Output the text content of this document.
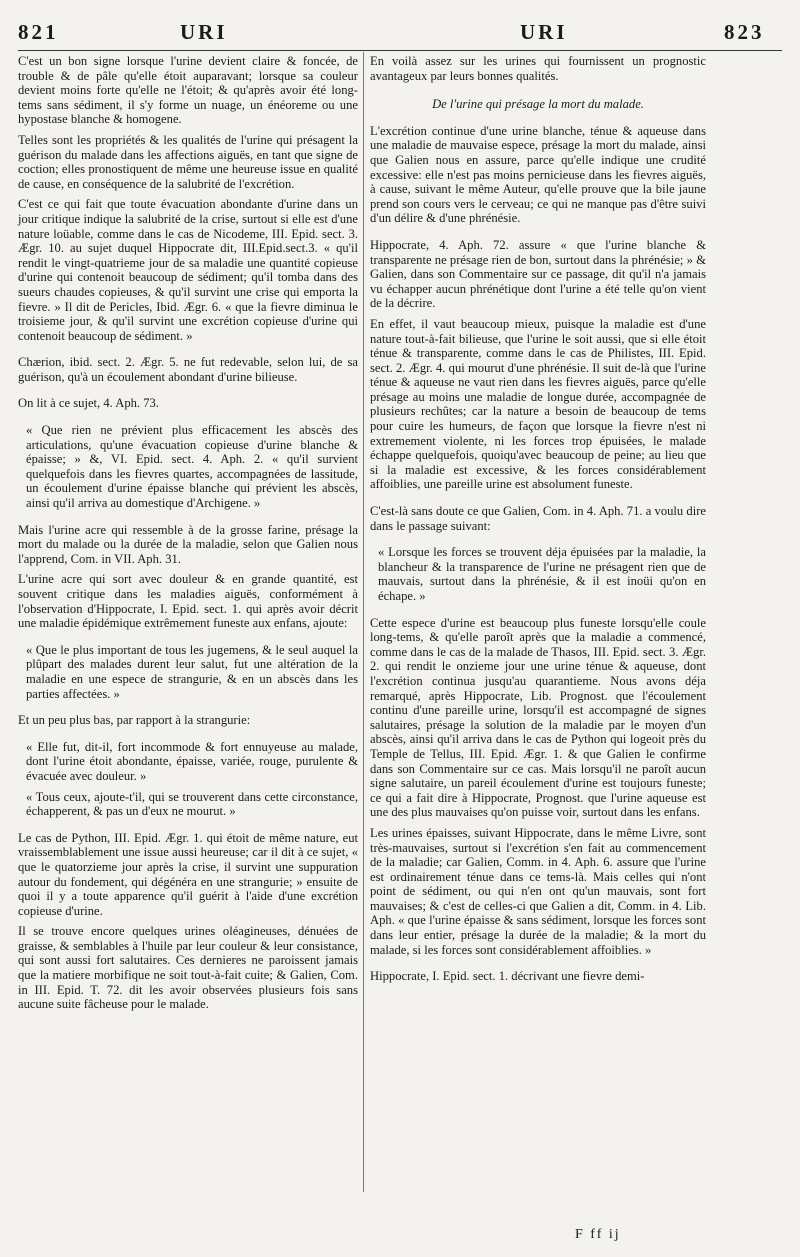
821	URI	URI	823

C'est un bon signe lorsque l'urine devient claire & foncée, de trouble & de pâle qu'elle étoit auparavant; lorsque sa couleur devient moins forte qu'elle ne l'étoit; & qu'après avoir été long-tems sans sédiment, il s'y forme un nuage, un énéoreme ou une hypostase blanche & homogene.

Telles sont les propriétés & les qualités de l'urine qui présagent la guérison du malade dans les affections aiguës, en tant que signe de coction; elles pronostiquent de même une heureuse issue en qualité de cause, en conséquence de la salubrité de l'excrétion.

C'est ce qui fait que toute évacuation abondante d'urine dans un jour critique indique la salubrité de la crise, surtout si elle est d'une nature loüable, comme dans le cas de Nicodeme, III. Epid. sect. 3. Ægr. 10. au sujet duquel Hippocrate dit, III.Epid.sect.3. « qu'il rendit le vingt-quatrieme jour de sa maladie une quantité copieuse d'urine qui contenoit beaucoup de sédiment; qu'il tomba dans des sueurs chaudes copieuses, & qu'il survint une crise qui emporta la fievre. » Il dit de Pericles, Ibid. Ægr. 6. « que la fievre diminua le troisieme jour, & qu'il survint une excrétion copieuse d'urine qui contenoit beaucoup de sédiment. »

Chærion, ibid. sect. 2. Ægr. 5. ne fut redevable, selon lui, de sa guérison, qu'à un écoulement abondant d'urine bilieuse.

On lit à ce sujet, 4. Aph. 73.

« Que rien ne prévient plus efficacement les abscès des articulations, qu'une évacuation copieuse d'urine blanche & épaisse; » &, VI. Epid. sect. 4. Aph. 2. « qu'il survient quelquefois dans les fievres quartes, accompagnées de lassitude, un écoulement d'urine épaisse blanche qui prévient les abscès, ainsi qu'il arriva au domestique d'Archigene. »

Mais l'urine acre qui ressemble à de la grosse farine, présage la mort du malade ou la durée de la maladie, selon que Galien nous l'apprend, Com. in VII. Aph. 31.

L'urine acre qui sort avec douleur & en grande quantité, est souvent critique dans les maladies aiguës, conformément à l'observation d'Hippocrate, I. Epid. sect. 1. qui après avoir décrit une maladie épidémique extrêmement funeste aux enfans, ajoute:

« Que le plus important de tous les jugemens, & le seul auquel la plûpart des malades durent leur salut, fut une altération de la maladie en une espece de strangurie, & en un abscès dans les parties affectées. »

Et un peu plus bas, par rapport à la strangurie:

« Elle fut, dit-il, fort incommode & fort ennuyeuse au malade, dont l'urine étoit abondante, épaisse, variée, rouge, purulente & évacuée avec douleur. »

« Tous ceux, ajoute-t'il, qui se trouverent dans cette circonstance, échapperent, & pas un d'eux ne mourut. »

Le cas de Python, III. Epid. Ægr. 1. qui étoit de même nature, eut vraissemblablement une issue aussi heureuse; car il dit à ce sujet, « que le quatorzieme jour après la crise, il survint une suppuration autour du fondement, qui dégénéra en une strangurie; » ensuite de quoi il y a toute apparence qu'il guérit à l'aide d'une excrétion copieuse d'urine.

Il se trouve encore quelques urines oléagineuses, dénuées de graisse, & semblables à l'huile par leur couleur & leur consistance, qui sont aussi fort salutaires. Ces dernieres ne paroissent jamais que la matiere morbifique ne soit tout-à-fait cuite; & Galien, Com. in III. Epid. T. 72. dit les avoir observées plusieurs fois sans aucune suite fâcheuse pour le malade.

En voilà assez sur les urines qui fournissent un prognostic avantageux par leurs bonnes qualités.

De l'urine qui présage la mort du malade.

L'excrétion continue d'une urine blanche, ténue & aqueuse dans une maladie de mauvaise espece, présage la mort du malade, ainsi que Galien nous en assure, parce qu'elle indique une crudité excessive: elle n'est pas moins pernicieuse dans les fievres aiguës, à cause, suivant le même Auteur, qu'elle prouve que la bile jaune prend son cours vers le cerveau; ce qui ne manque pas d'être suivi d'un délire & d'une phrénésie.

Hippocrate, 4. Aph. 72. assure « que l'urine blanche & transparente ne présage rien de bon, surtout dans la phrénésie; » & Galien, dans son Commentaire sur ce passage, dit qu'il n'a jamais vu échapper aucun phrénétique dont l'urine a été telle qu'on vient de la décrire.

En effet, il vaut beaucoup mieux, puisque la maladie est d'une nature tout-à-fait bilieuse, que l'urine le soit aussi, que si elle étoit ténue & transparente, comme dans le cas de Philistes, III. Epid. sect. 2. Ægr. 4. qui mourut d'une phrénésie. Il suit de-là que l'urine ténue & aqueuse ne vaut rien dans les fievres aiguës, parce qu'elle présage au moins une maladie de longue durée, accompagnée de plusieurs rechûtes; car la nature a besoin de beaucoup de tems pour cuire les humeurs, de façon que lorsque la fievre n'est ni extremement violente, ni les forces trop épuisées, le malade échappe quelquefois, quoiqu'avec beaucoup de peine; au lieu que si la maladie est excessive, & les forces considérablement affoiblies, une pareille urine est absolument funeste.

C'est-là sans doute ce que Galien, Com. in 4. Aph. 71. a voulu dire dans le passage suivant:

« Lorsque les forces se trouvent déja épuisées par la maladie, la blancheur & la transparence de l'urine ne présagent rien que de mauvais, surtout dans la phrénésie, & il est inoüi qu'on en échape. »

Cette espece d'urine est beaucoup plus funeste lorsqu'elle coule long-tems, & qu'elle paroît après que la maladie a commencé, comme dans le cas de la malade de Thasos, III. Epid. sect. 3. Ægr. 2. qui rendit le onzieme jour une urine ténue & aqueuse, dont l'excrétion continua jusqu'au quarantieme. Nous avons déja remarqué, après Hippocrate, Lib. Prognost. que l'écoulement continu d'une pareille urine, lorsqu'il est accompagné de signes salutaires, présage la solution de la maladie par le moyen d'un abscès, ainsi qu'il arriva dans le cas de Python qui logeoit près du Temple de Tellus, III. Epid. Ægr. 1. & que Galien le confirme dans son Commentaire sur ce cas. Mais lorsqu'il ne paroît aucun signe salutaire, un pareil écoulement d'urine est toujours funeste; ce qui a fait dire à Hippocrate, Prognost. que l'urine aqueuse est une des plus mauvaises qu'on puisse voir, surtout dans les enfans.

Les urines épaisses, suivant Hippocrate, dans le même Livre, sont très-mauvaises, surtout si l'excrétion s'en fait au commencement de la maladie; car Galien, Comm. in 4. Aph. 6. assure que l'urine est ordinairement ténue dans ce tems-là. Mais celles qui n'ont point de sédiment, ou qui n'en ont qu'un mauvais, sont fort mauvaises; & c'est de celles-ci que Galien a dit, Comm. in 4. Lib. Aph. « que l'urine épaisse & sans sédiment, lorsque les forces sont dans leur entier, présage la durée de la maladie; & la mort du malade, si les forces sont considérablement affoiblies. »

Hippocrate, I. Epid. sect. 1. décrivant une fievre demi-

F ff ij
